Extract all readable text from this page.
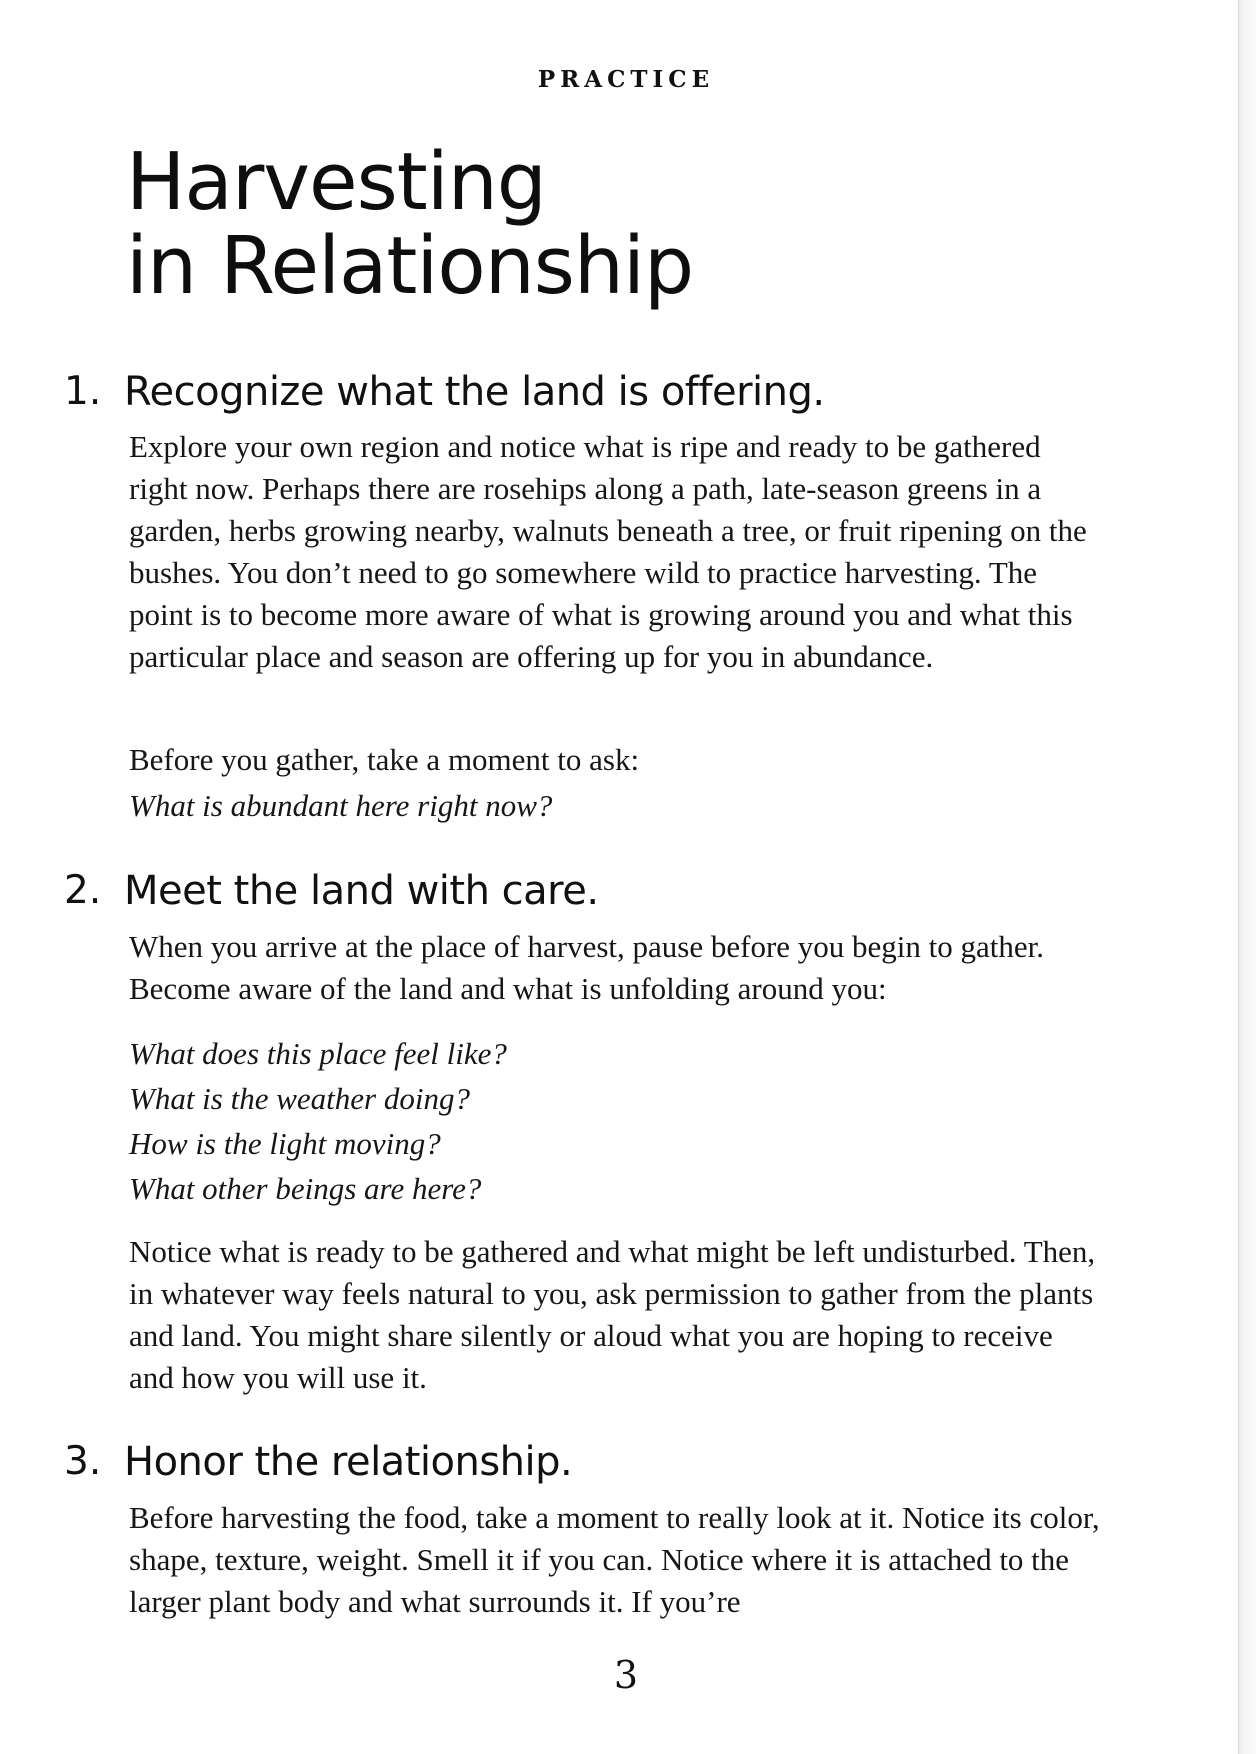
PRACTICE
Harvesting
in Relationship
1. Recognize what the land is offering.

Explore your own region and notice what is ripe and ready to be gathered right now. Perhaps there are rosehips along a path, late-season greens in a garden, herbs growing nearby, walnuts beneath a tree, or fruit ripening on the bushes. You don’t need to go somewhere wild to practice harvesting. The point is to become more aware of what is growing around you and what this particular place and season are offering up for you in abundance.

Before you gather, take a moment to ask:

What is abundant here right now?

2. Meet the land with care.

When you arrive at the place of harvest, pause before you begin to gather. Become aware of the land and what is unfolding around you:

What does this place feel like?
What is the weather doing?
How is the light moving?
What other beings are here?

Notice what is ready to be gathered and what might be left undisturbed. Then, in whatever way feels natural to you, ask permission to gather from the plants and land. You might share silently or aloud what you are hoping to receive and how you will use it.

3. Honor the relationship.

Before harvesting the food, take a moment to really look at it. Notice its color, shape, texture, weight. Smell it if you can. Notice where it is attached to the larger plant body and what surrounds it. If you’re

3
